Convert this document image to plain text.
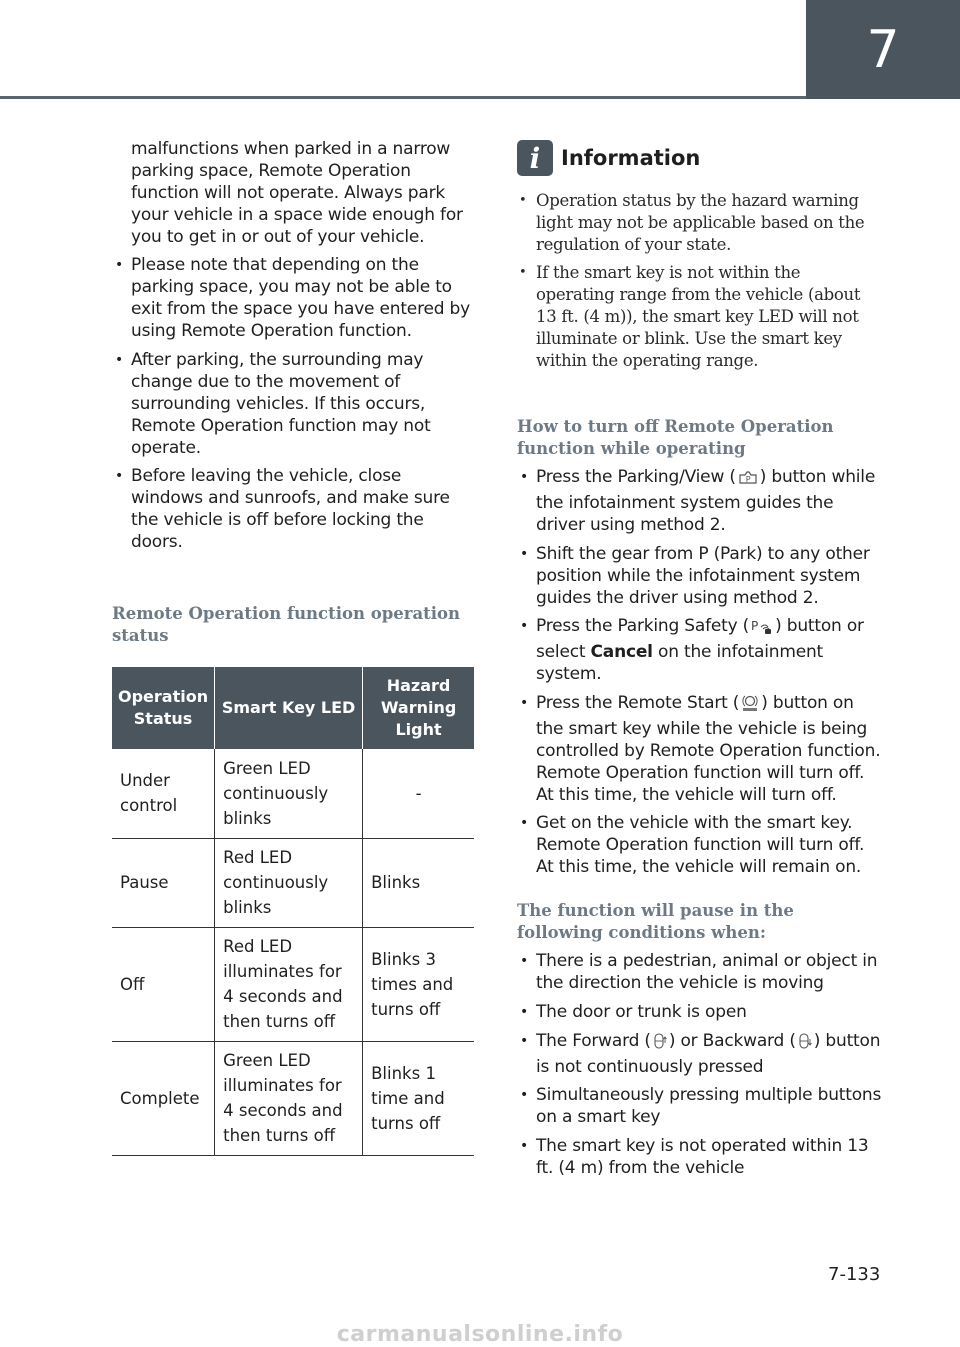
7

malfunctions when parked in a narrow parking space, Remote Operation function will not operate. Always park your vehicle in a space wide enough for you to get in or out of your vehicle.

• Please note that depending on the parking space, you may not be able to exit from the space you have entered by using Remote Operation function.
• After parking, the surrounding may change due to the movement of surrounding vehicles. If this occurs, Remote Operation function may not operate.
• Before leaving the vehicle, close windows and sunroofs, and make sure the vehicle is off before locking the doors.
Remote Operation function operation status
Operation Status	Smart Key LED	Hazard Warning Light
Under control	Green LED continuously blinks	-
Pause	Red LED continuously blinks	Blinks
Off	Red LED illuminates for 4 seconds and then turns off	Blinks 3 times and turns off
Complete	Green LED illuminates for 4 seconds and then turns off	Blinks 1 time and turns off
i Information
• Operation status by the hazard warning light may not be applicable based on the regulation of your state.
• If the smart key is not within the operating range from the vehicle (about 13 ft. (4 m)), the smart key LED will not illuminate or blink. Use the smart key within the operating range.
How to turn off Remote Operation function while operating
• Press the Parking/View ( P ) button while the infotainment system guides the driver using method 2.
• Shift the gear from P (Park) to any other position while the infotainment system guides the driver using method 2.
• Press the Parking Safety ( P ) button or select Cancel on the infotainment system.
• Press the Remote Start ( ) button on the smart key while the vehicle is being controlled by Remote Operation function. Remote Operation function will turn off. At this time, the vehicle will turn off.
• Get on the vehicle with the smart key. Remote Operation function will turn off. At this time, the vehicle will remain on.
The function will pause in the following conditions when:
• There is a pedestrian, animal or object in the direction the vehicle is moving
• The door or trunk is open
• The Forward ( ) or Backward ( ) button is not continuously pressed
• Simultaneously pressing multiple buttons on a smart key
• The smart key is not operated within 13 ft. (4 m) from the vehicle
7-133
carmanualsonline.info
